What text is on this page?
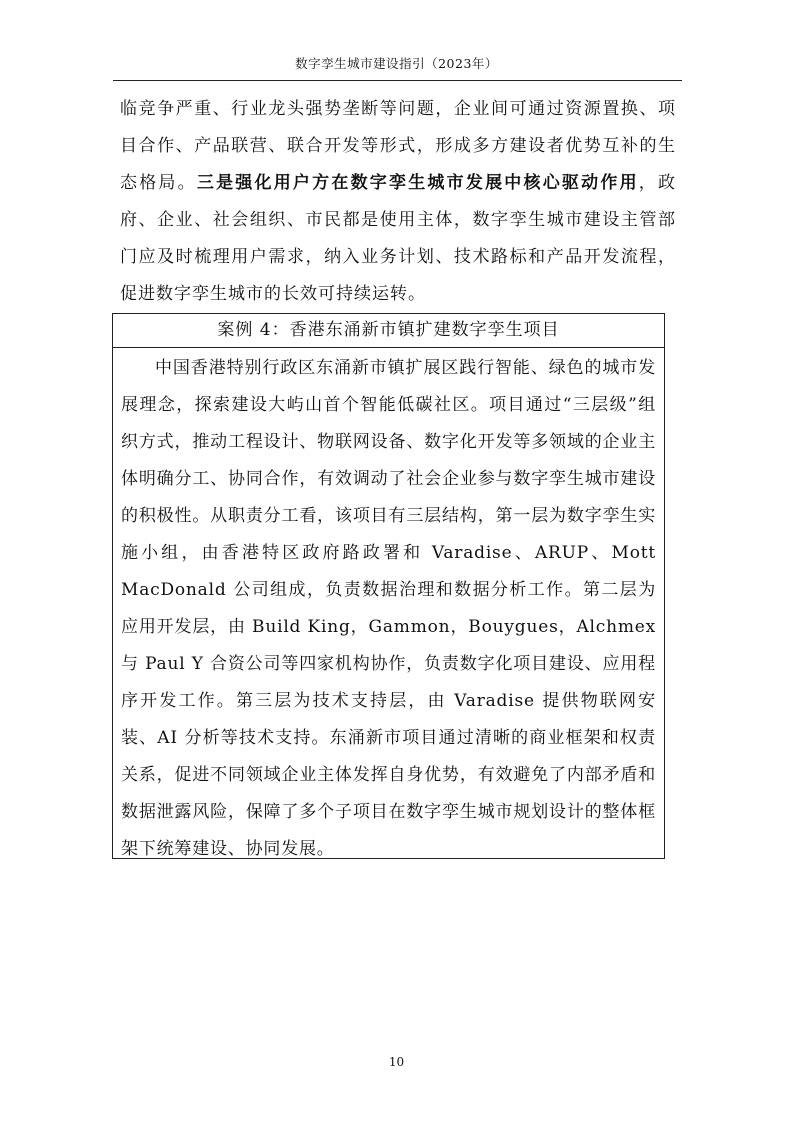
数字孪生城市建设指引（2023年）

临竞争严重、行业龙头强势垄断等问题，企业间可通过资源置换、项目合作、产品联营、联合开发等形式，形成多方建设者优势互补的生态格局。三是强化用户方在数字孪生城市发展中核心驱动作用，政府、企业、社会组织、市民都是使用主体，数字孪生城市建设主管部门应及时梳理用户需求，纳入业务计划、技术路标和产品开发流程，促进数字孪生城市的长效可持续运转。

案例 4：香港东涌新市镇扩建数字孪生项目

中国香港特别行政区东涌新市镇扩展区践行智能、绿色的城市发展理念，探索建设大屿山首个智能低碳社区。项目通过“三层级”组织方式，推动工程设计、物联网设备、数字化开发等多领域的企业主体明确分工、协同合作，有效调动了社会企业参与数字孪生城市建设的积极性。从职责分工看，该项目有三层结构，第一层为数字孪生实施小组，由香港特区政府路政署和 Varadise、ARUP、Mott MacDonald 公司组成，负责数据治理和数据分析工作。第二层为应用开发层，由 Build King，Gammon，Bouygues，Alchmex 与 Paul Y 合资公司等四家机构协作，负责数字化项目建设、应用程序开发工作。第三层为技术支持层，由 Varadise 提供物联网安装、AI 分析等技术支持。东涌新市项目通过清晰的商业框架和权责关系，促进不同领域企业主体发挥自身优势，有效避免了内部矛盾和数据泄露风险，保障了多个子项目在数字孪生城市规划设计的整体框架下统筹建设、协同发展。

10
